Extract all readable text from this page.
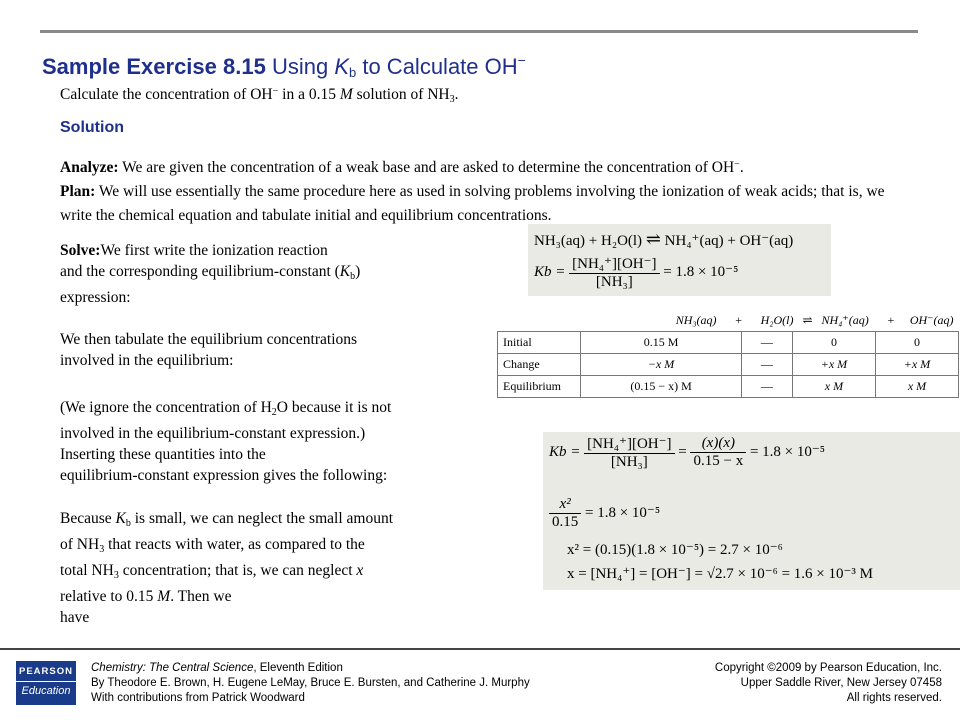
Sample Exercise 8.15 Using $K_b$ to Calculate OH−
Calculate the concentration of OH− in a 0.15 M solution of $NH_3$.
Solution
Analyze: We are given the concentration of a weak base and are asked to determine the concentration of OH−.
Plan: We will use essentially the same procedure here as used in solving problems involving the ionization of weak acids; that is, we write the chemical equation and tabulate initial and equilibrium concentrations.
Solve:We first write the ionization reaction
and the corresponding equilibrium-constant $(K_b)$
expression:
We then tabulate the equilibrium concentrations
involved in the equilibrium:
(We ignore the concentration of $H_2O$ because it is not
involved in the equilibrium-constant expression.)
Inserting these quantities into the
equilibrium-constant expression gives the following:
Because $K_b$ is small, we can neglect the small amount
of $NH_3$ that reacts with water, as compared to the
total $NH_3$ concentration; that is, we can neglect x
relative to 0.15 M. Then we
have
NH₃(aq) + H₂O(l) ⇌ NH₄⁺(aq) + OH⁻(aq)
$Kb = \frac{\text{[NH₄⁺][OH⁻]}}{\text{[NH₃]}} = 1.8 \times 10^{-5}$
	NH₃(aq) + H₂O(l) ⇌ NH₄⁺(aq) + OH⁻(aq)			
Initial	0.15 M	—	0	0
Change	−x M	—	+x M	+x M
Equilibrium	(0.15 − x) M	—	x M	x M
$Kb = \frac{\text{[NH₄⁺][OH⁻]}}{\text{[NH₃]}} = \frac{(x)(x)}{0.15 - x} = 1.8 \times 10^{-5}$
$\frac{\text{x²}}{0.15} = 1.8 \times 10^{-5}$
x² = (0.15)(1.8 × 10⁻⁵) = 2.7 × 10⁻⁶
x = [NH₄⁺] = [OH⁻] = √2.7 × 10⁻⁶ = 1.6 × 10⁻³ M
PEARSON
Education
Chemistry: The Central Science, Eleventh Edition
By Theodore E. Brown, H. Eugene LeMay, Bruce E. Bursten, and Catherine J. Murphy
With contributions from Patrick Woodward
Copyright ©2009 by Pearson Education, Inc.
Upper Saddle River, New Jersey 07458
All rights reserved.
